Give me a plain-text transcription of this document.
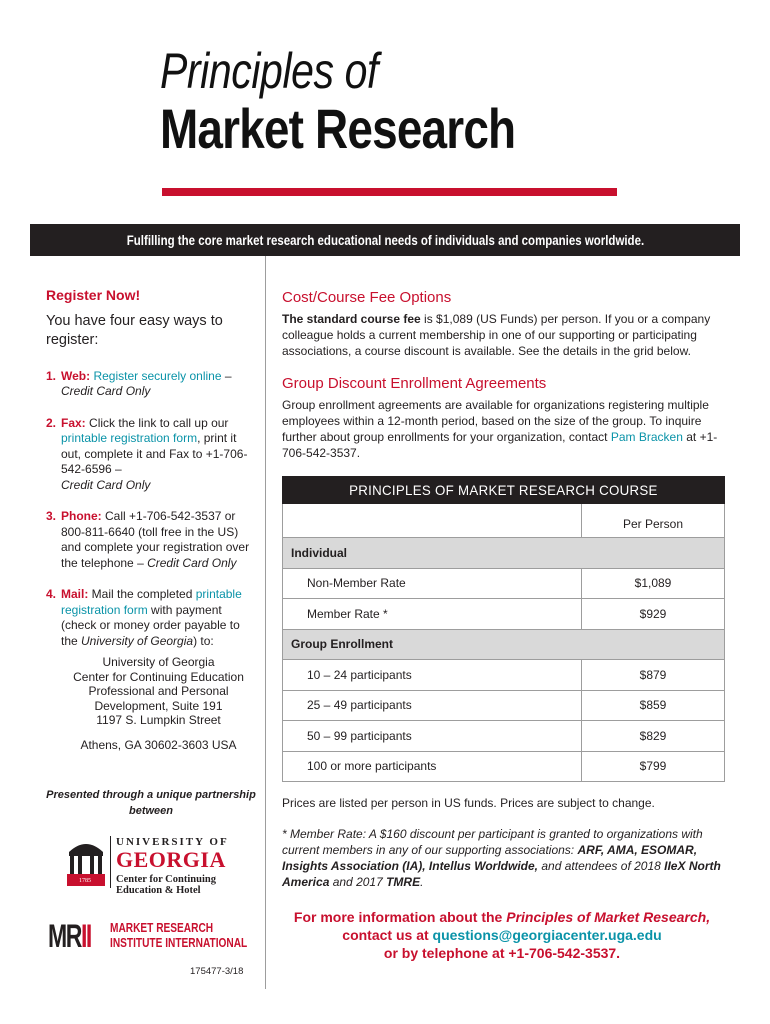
Principles of
Market Research
Fulfilling the core market research educational needs of individuals and companies worldwide.
Register Now!
You have four easy ways to register:
1. Web: Register securely online –
Credit Card Only
2. Fax: Click the link to call up our printable registration form, print it out, complete it and Fax to +1-706-542-6596 –
Credit Card Only
3. Phone: Call +1-706-542-3537 or 800-811-6640 (toll free in the US) and complete your registration over the telephone – Credit Card Only
4. Mail: Mail the completed printable registration form with payment (check or money order payable to the University of Georgia) to:
University of Georgia
Center for Continuing Education
Professional and Personal
Development, Suite 191
1197 S. Lumpkin Street
Athens, GA 30602-3603 USA
Presented through a unique partnership between
1785
UNIVERSITY OF
GEORGIA
Center for Continuing
Education & Hotel
MRII MARKET RESEARCH
INSTITUTE INTERNATIONAL
175477-3/18
Cost/Course Fee Options
The standard course fee is $1,089 (US Funds) per person. If you or a company colleague holds a current membership in one of our supporting or participating associations, a course discount is available. See the details in the grid below.
Group Discount Enrollment Agreements
Group enrollment agreements are available for organizations registering multiple employees within a 12-month period, based on the size of the group. To inquire further about group enrollments for your organization, contact Pam Bracken at +1-706-542-3537.
PRINCIPLES OF MARKET RESEARCH COURSE
Per Person
Individual
Non-Member Rate	$1,089
Member Rate *	$929
Group Enrollment
10 – 24 participants	$879
25 – 49 participants	$859
50 – 99 participants	$829
100 or more participants	$799
Prices are listed per person in US funds. Prices are subject to change.
* Member Rate: A $160 discount per participant is granted to organizations with current members in any of our supporting associations: ARF, AMA, ESOMAR, Insights Association (IA), Intellus Worldwide, and attendees of 2018 IIeX North America and 2017 TMRE.
For more information about the Principles of Market Research,
contact us at questions@georgiacenter.uga.edu
or by telephone at +1-706-542-3537.
